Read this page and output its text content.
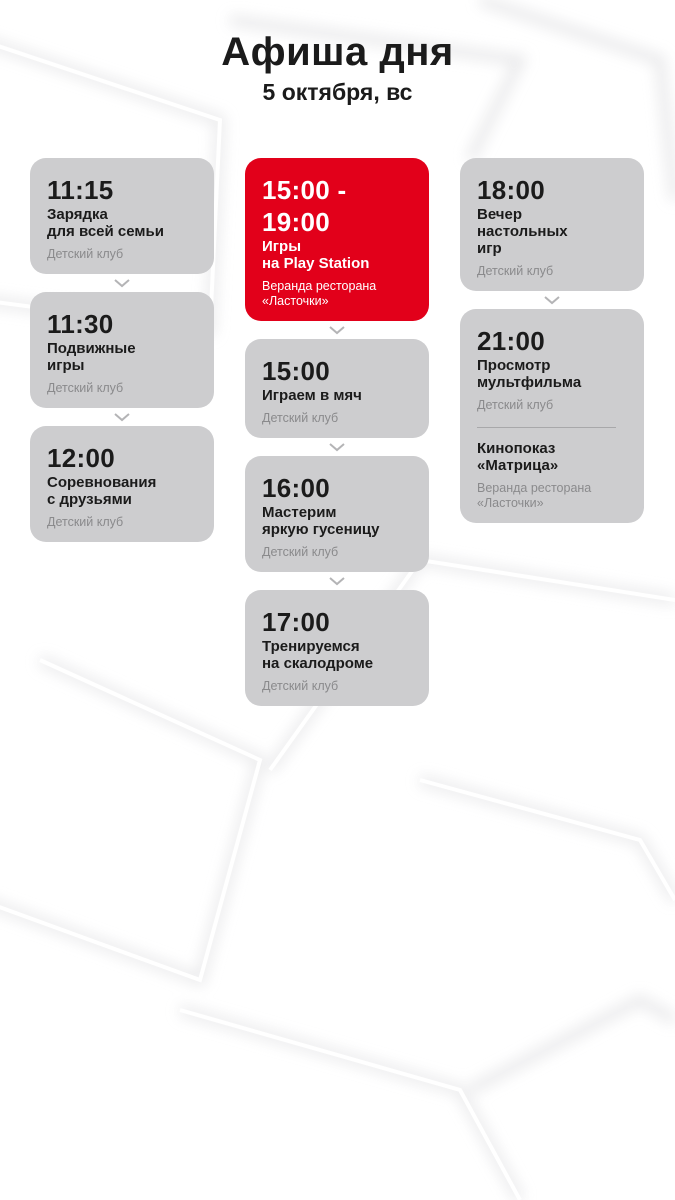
Афиша дня
5 октября, вс
11:15
Зарядка
для всей семьи
Детский клуб
11:30
Подвижные
игры
Детский клуб
12:00
Соревнования
с друзьями
Детский клуб
15:00 -
19:00
Игры
на Play Station
Веранда ресторана
«Ласточки»
15:00
Играем в мяч
Детский клуб
16:00
Мастерим
яркую гусеницу
Детский клуб
17:00
Тренируемся
на скалодроме
Детский клуб
18:00
Вечер
настольных
игр
Детский клуб
21:00
Просмотр
мультфильма
Детский клуб
Кинопоказ
«Матрица»
Веранда ресторана
«Ласточки»
